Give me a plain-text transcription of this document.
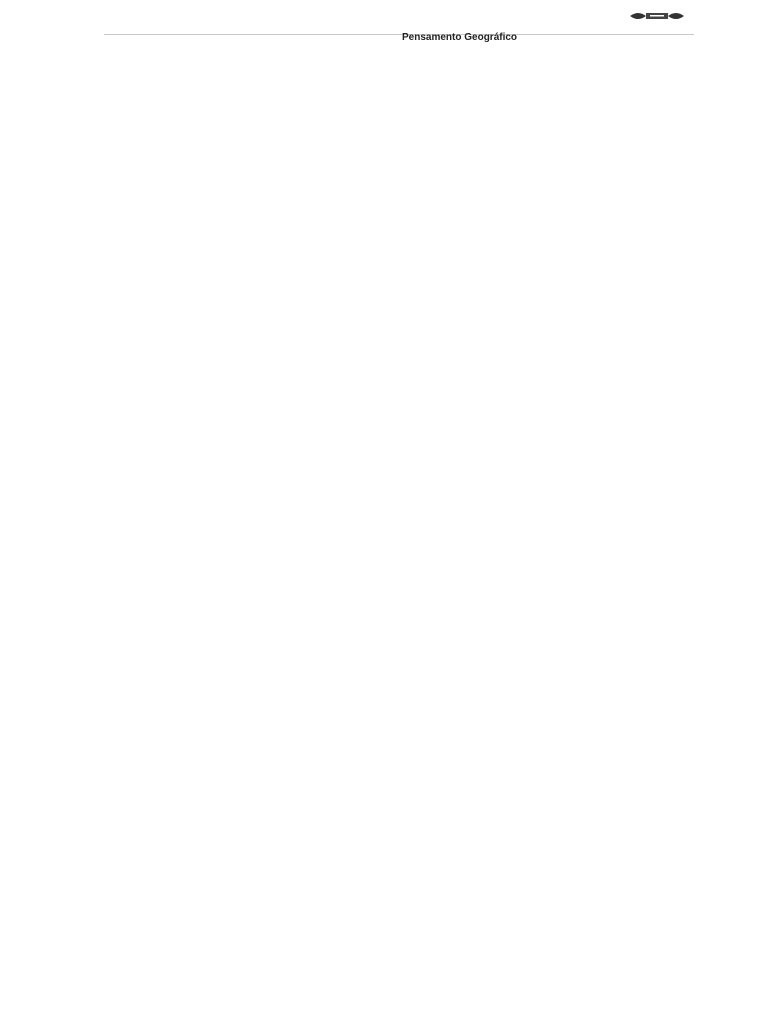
Pensamento Geográfico
